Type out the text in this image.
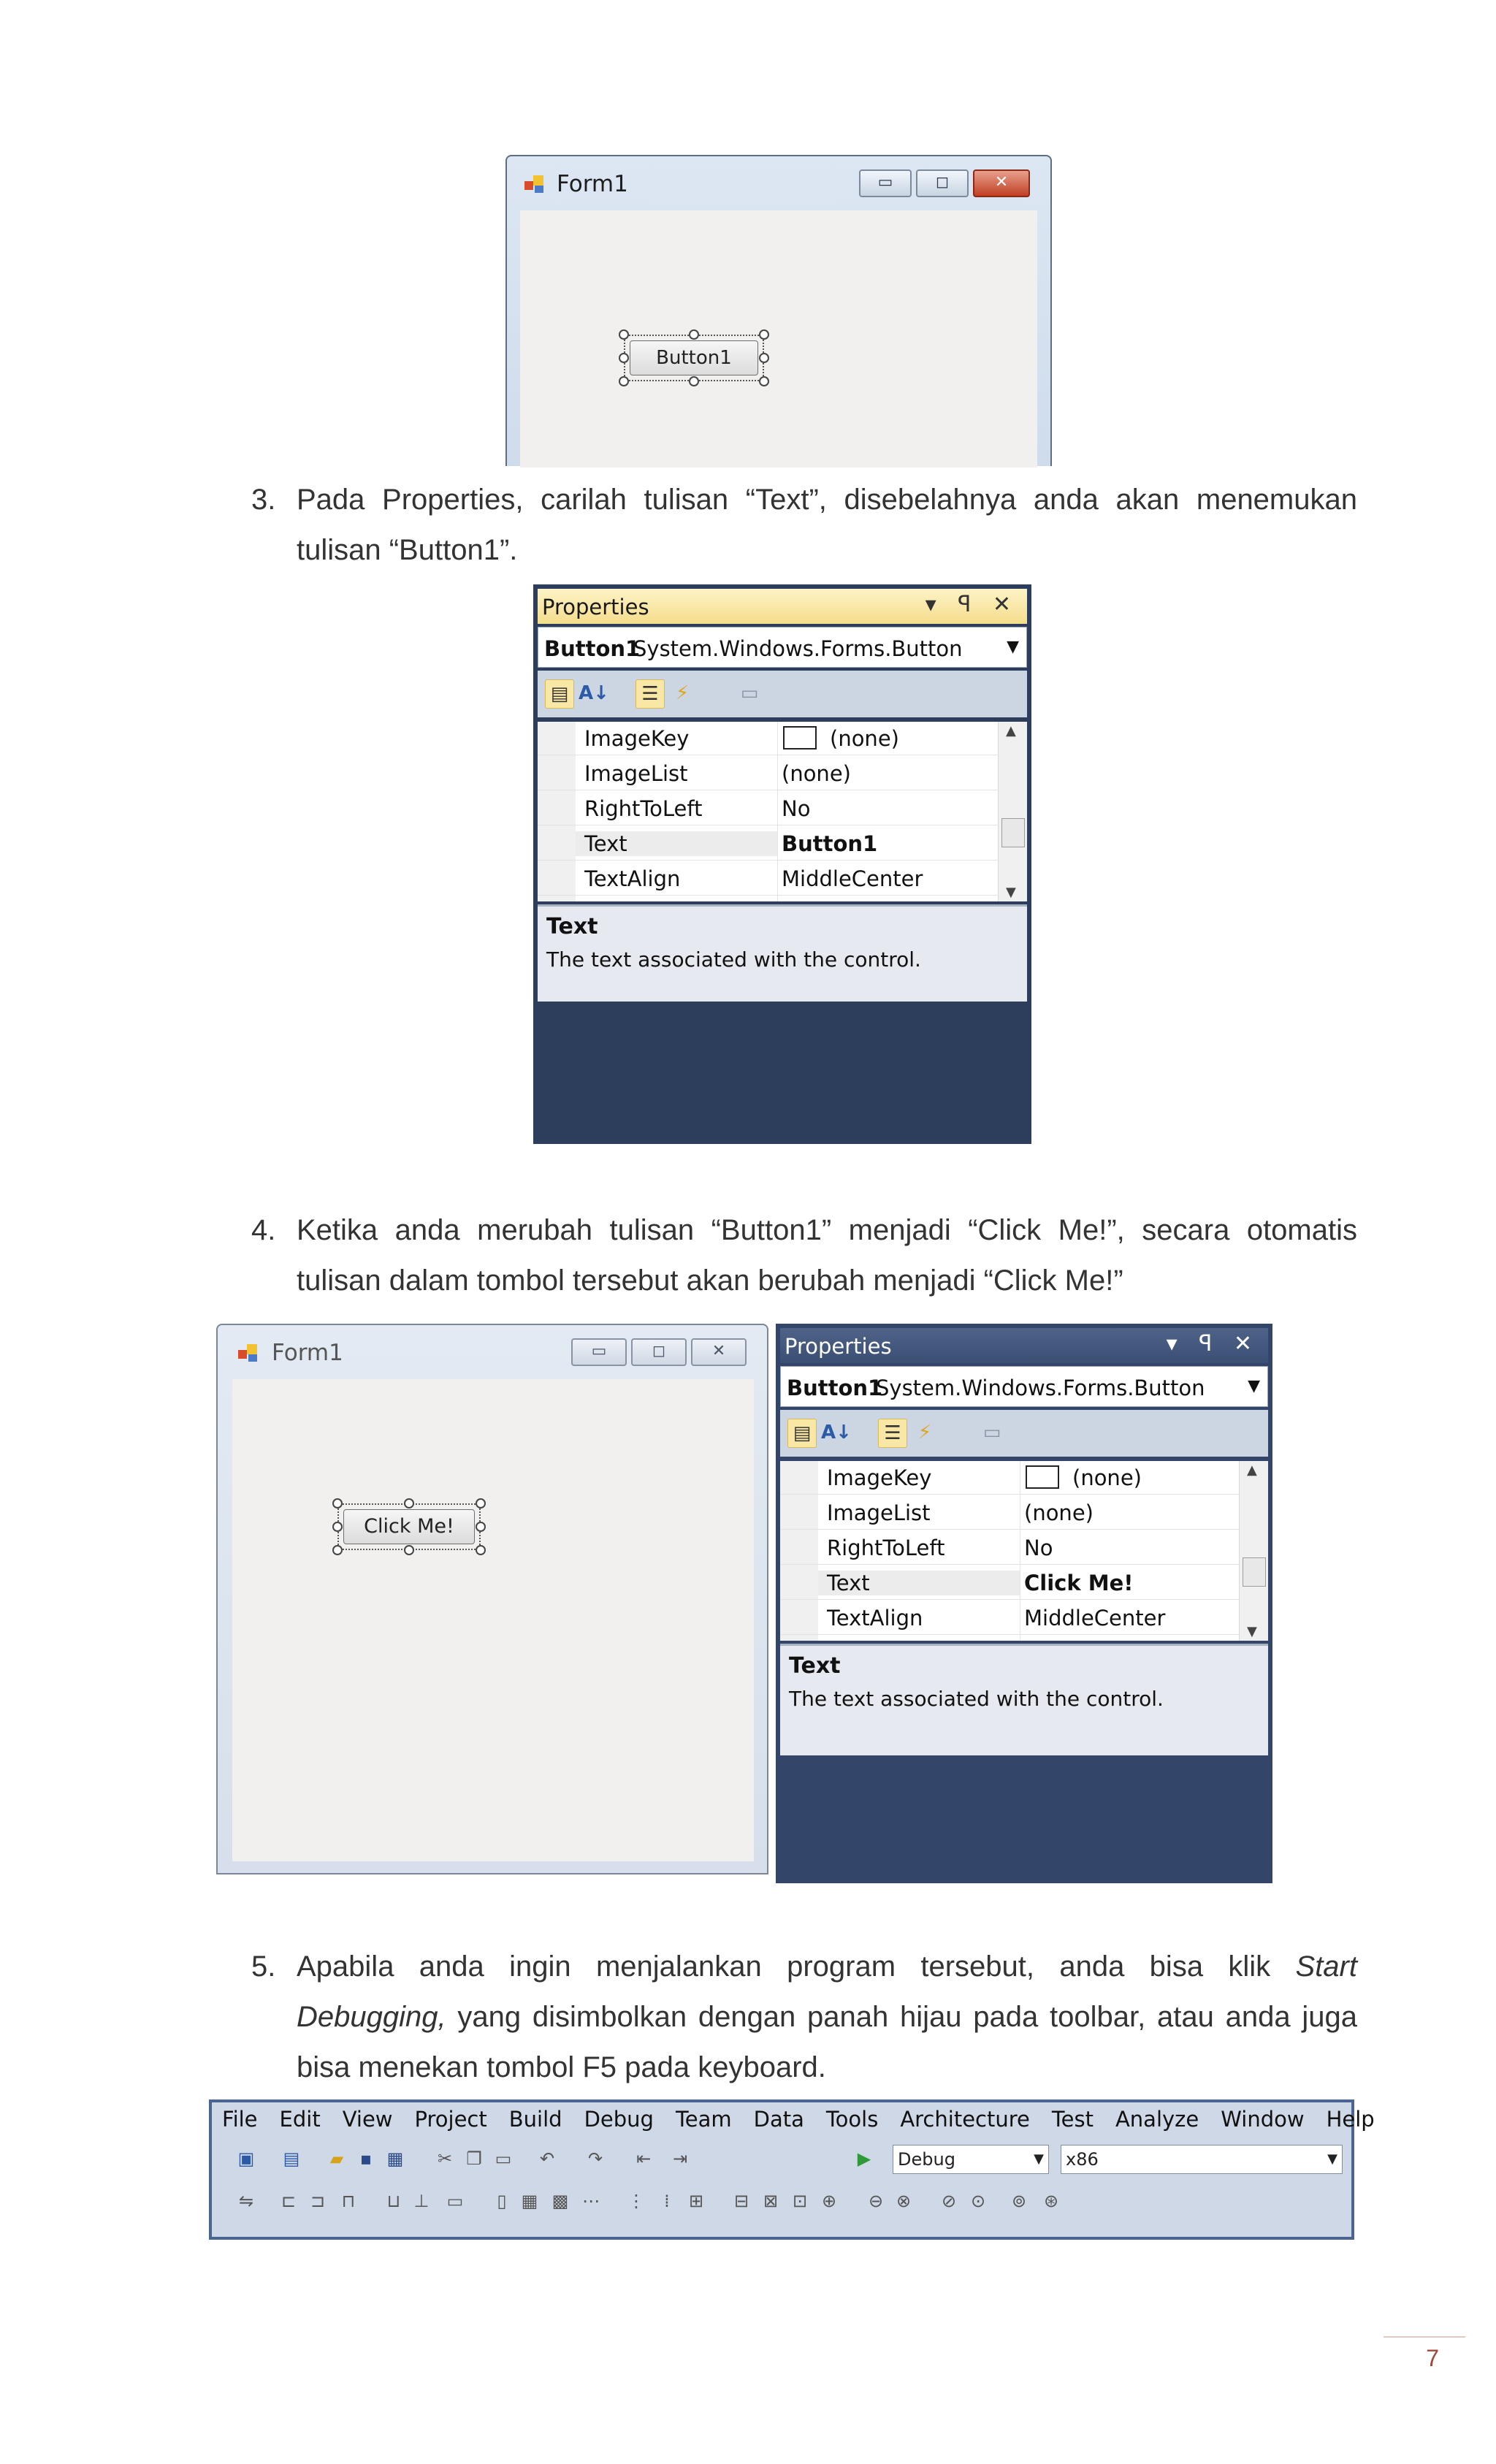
Form1	▭	◻	✕
Button1
3. Pada Properties, carilah tulisan “Text”, disebelahnya anda akan menemukan
tulisan “Button1”.
Properties	▾ ꟼ ✕
Button1
System.Windows.Forms.Button	▼
▤ A↓	☰ ⚡	▭
TextAlign	MiddleCenter
Text	Button1
RightToLeft	No
ImageList	(none)
ImageKey	(none)	▲
▼
Text
The text associated with the control.
4. Ketika anda merubah tulisan “Button1” menjadi “Click Me!”, secara otomatis
tulisan dalam tombol tersebut akan berubah menjadi “Click Me!”
Form1	▭	◻	✕
Click Me!
Properties	▾ ꟼ ✕
Button1
System.Windows.Forms.Button	▼
▤ A↓	☰ ⚡	▭
TextAlign	MiddleCenter
Text	Click Me!
RightToLeft	No
ImageList	(none)
ImageKey	(none)	▲
▼
Text
The text associated with the control.
5. Apabila anda ingin menjalankan program tersebut, anda bisa klik Start
Debugging, yang disimbolkan dengan panah hijau pada toolbar, atau anda juga
bisa menekan tombol F5 pada keyboard.
File Edit View Project Build Debug Team Data Tools Architecture Test Analyze Window Help
▣ ▤	▰ ▪ ▦ ✂ ❐ ▭ ↶ ↷ ⇤ ⇥	▶	Debug	▼ x86	▼
⇋ ⊏ ⊐ ⊓	⊔ ⊥ ▭	▯ ▦ ▩ ⋯ ⋮	⁞	⊞ ⊟ ⊠ ⊡ ⊕ ⊖ ⊗ ⊘ ⊙ ⊚ ⊛
7
